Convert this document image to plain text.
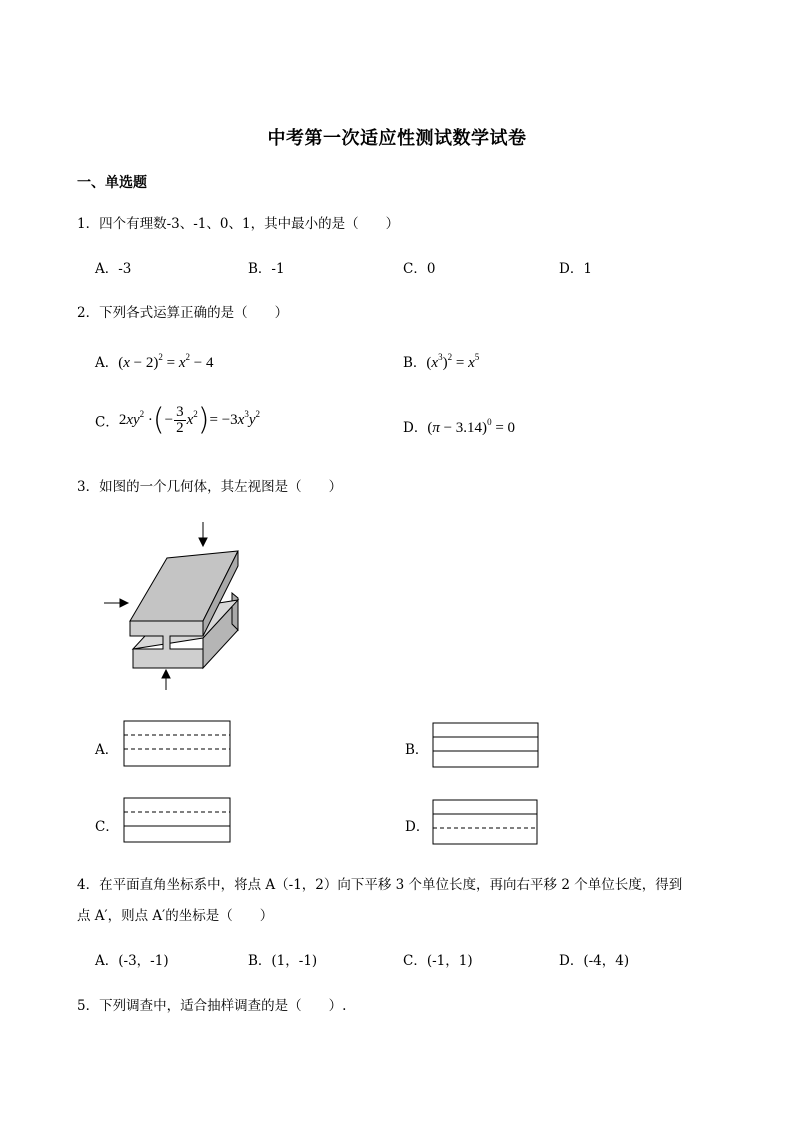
中考第一次适应性测试数学试卷
一、单选题
1．四个有理数-3、-1、0、1，其中最小的是（　　）
A．-3	B．-1	C．0	D．1
2．下列各式运算正确的是（　　）
A．$(x - 2)^2 = x^2 - 4$	B．$(x^3)^2 = x^5$
C．$2xy^2$ ·(− $\frac{3}{2} x^2)= -3x^3y^2$
D．$(\pi - 3.14)^0 = 0$
3．如图的一个几何体，其左视图是（　　）
A．	B．
C．	D．
4．在平面直角坐标系中，将点 A（-1，2）向下平移 3 个单位长度，再向右平移 2 个单位长度，得到
点 A′，则点 A′的坐标是（　　）
A．(-3，-1)	B．(1，-1)	C．(-1，1)	D．(-4，4)
5．下列调查中，适合抽样调查的是（　　）.
